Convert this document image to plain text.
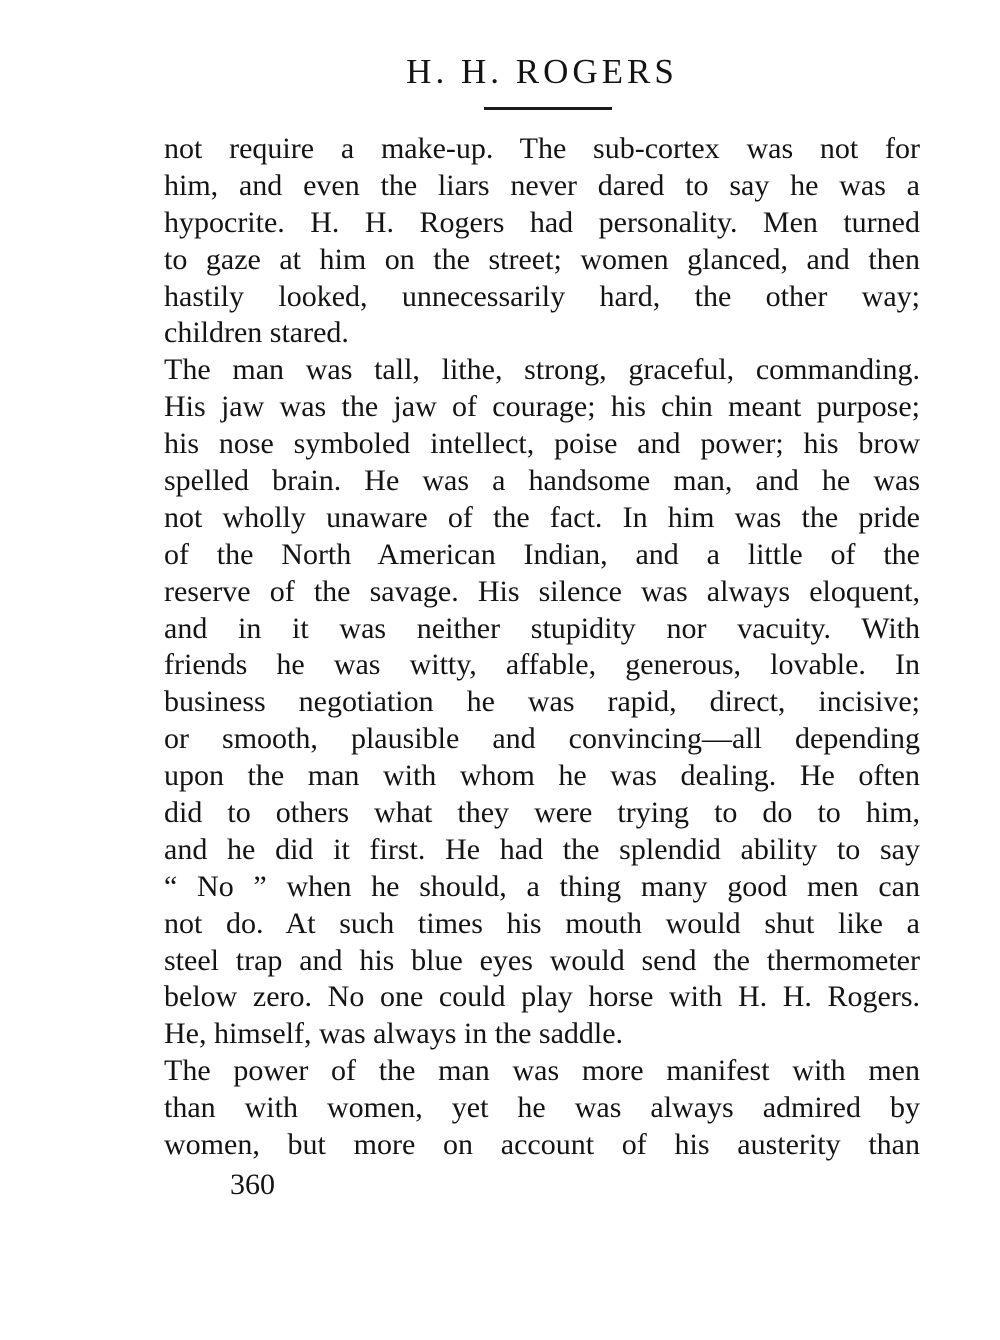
H. H. ROGERS
not require a make-up. The sub-cortex was not for
him, and even the liars never dared to say he was a
hypocrite. H. H. Rogers had personality. Men turned
to gaze at him on the street; women glanced, and then
hastily looked, unnecessarily hard, the other way;
children stared.
The man was tall, lithe, strong, graceful, commanding.
His jaw was the jaw of courage; his chin meant purpose;
his nose symboled intellect, poise and power; his brow
spelled brain. He was a handsome man, and he was
not wholly unaware of the fact. In him was the pride
of the North American Indian, and a little of the
reserve of the savage. His silence was always eloquent,
and in it was neither stupidity nor vacuity. With
friends he was witty, affable, generous, lovable. In
business negotiation he was rapid, direct, incisive;
or smooth, plausible and convincing—all depending
upon the man with whom he was dealing. He often
did to others what they were trying to do to him,
and he did it first. He had the splendid ability to say
“ No ” when he should, a thing many good men can
not do. At such times his mouth would shut like a
steel trap and his blue eyes would send the thermometer
below zero. No one could play horse with H. H. Rogers.
He, himself, was always in the saddle.
The power of the man was more manifest with men
than with women, yet he was always admired by
women, but more on account of his austerity than
360
